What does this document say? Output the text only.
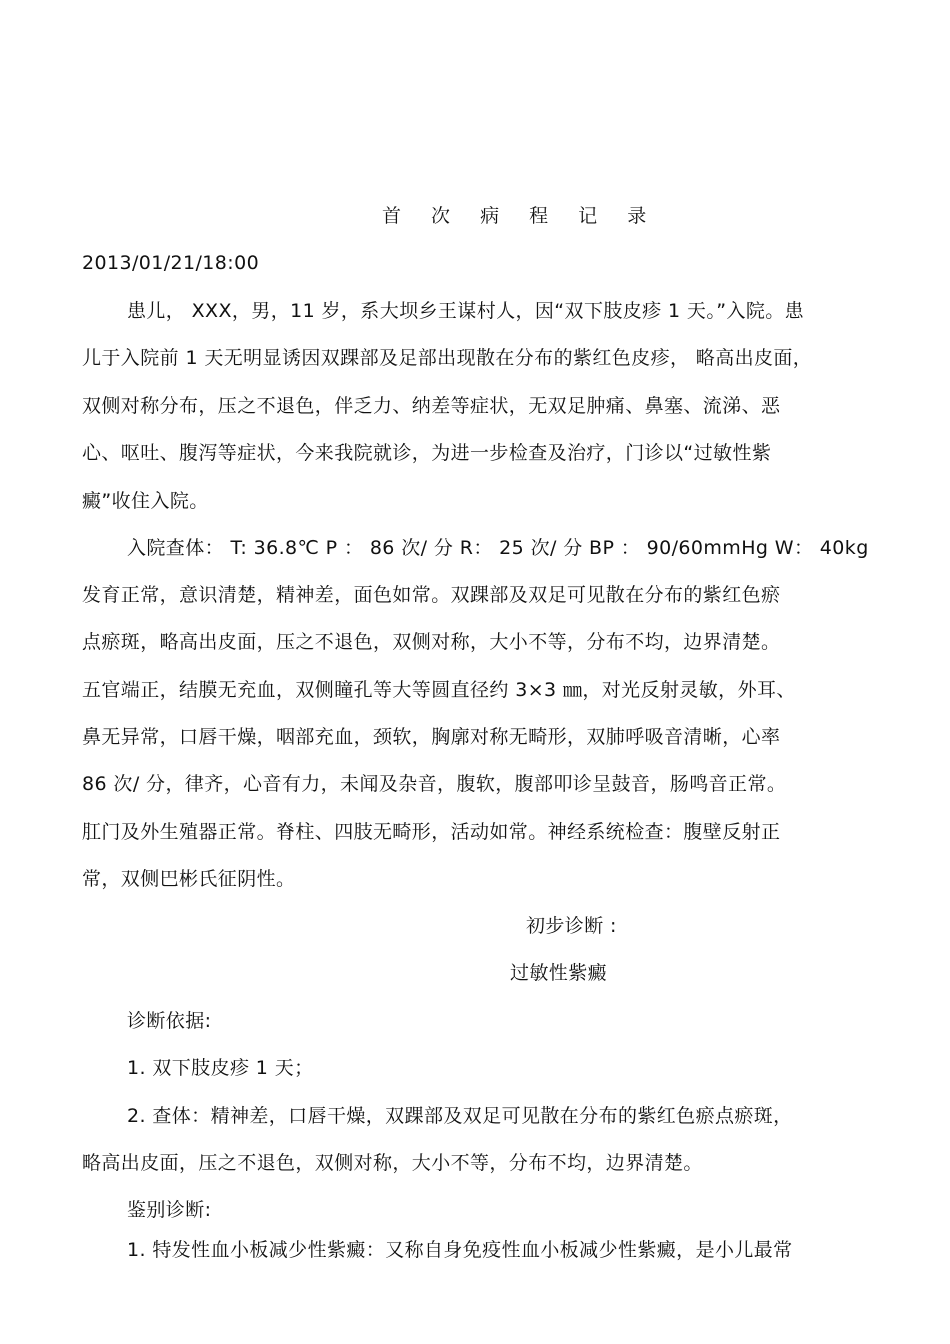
首 次 病 程 记 录
2013/01/21/18:00
患儿， XXX，男，11 岁，系大坝乡王谋村人，因“双下肢皮疹 1 天。”入院。患
儿于入院前 1 天无明显诱因双踝部及足部出现散在分布的紫红色皮疹， 略高出皮面，
双侧对称分布，压之不退色，伴乏力、纳差等症状，无双足肿痛、鼻塞、流涕、恶
心、呕吐、腹泻等症状，今来我院就诊，为进一步检查及治疗，门诊以“过敏性紫
癜”收住入院。
入院查体： T: 36.8℃ P ： 86 次/ 分 R： 25 次/ 分 BP ： 90/60mmHg W： 40kg
发育正常，意识清楚，精神差，面色如常。双踝部及双足可见散在分布的紫红色瘀
点瘀斑，略高出皮面，压之不退色，双侧对称，大小不等，分布不均，边界清楚。
五官端正，结膜无充血，双侧瞳孔等大等圆直径约 3×3 ㎜，对光反射灵敏，外耳、
鼻无异常，口唇干燥，咽部充血，颈软，胸廓对称无畸形，双肺呼吸音清晰，心率
86 次/ 分，律齐，心音有力，未闻及杂音，腹软，腹部叩诊呈鼓音，肠鸣音正常。
肛门及外生殖器正常。脊柱、四肢无畸形，活动如常。神经系统检查：腹壁反射正
常，双侧巴彬氏征阴性。
初步诊断 :
过敏性紫癜
诊断依据:
1. 双下肢皮疹 1 天；
2. 查体：精神差，口唇干燥，双踝部及双足可见散在分布的紫红色瘀点瘀斑，
略高出皮面，压之不退色，双侧对称，大小不等，分布不均，边界清楚。
鉴别诊断:
1. 特发性血小板减少性紫癜：又称自身免疫性血小板减少性紫癜，是小儿最常
